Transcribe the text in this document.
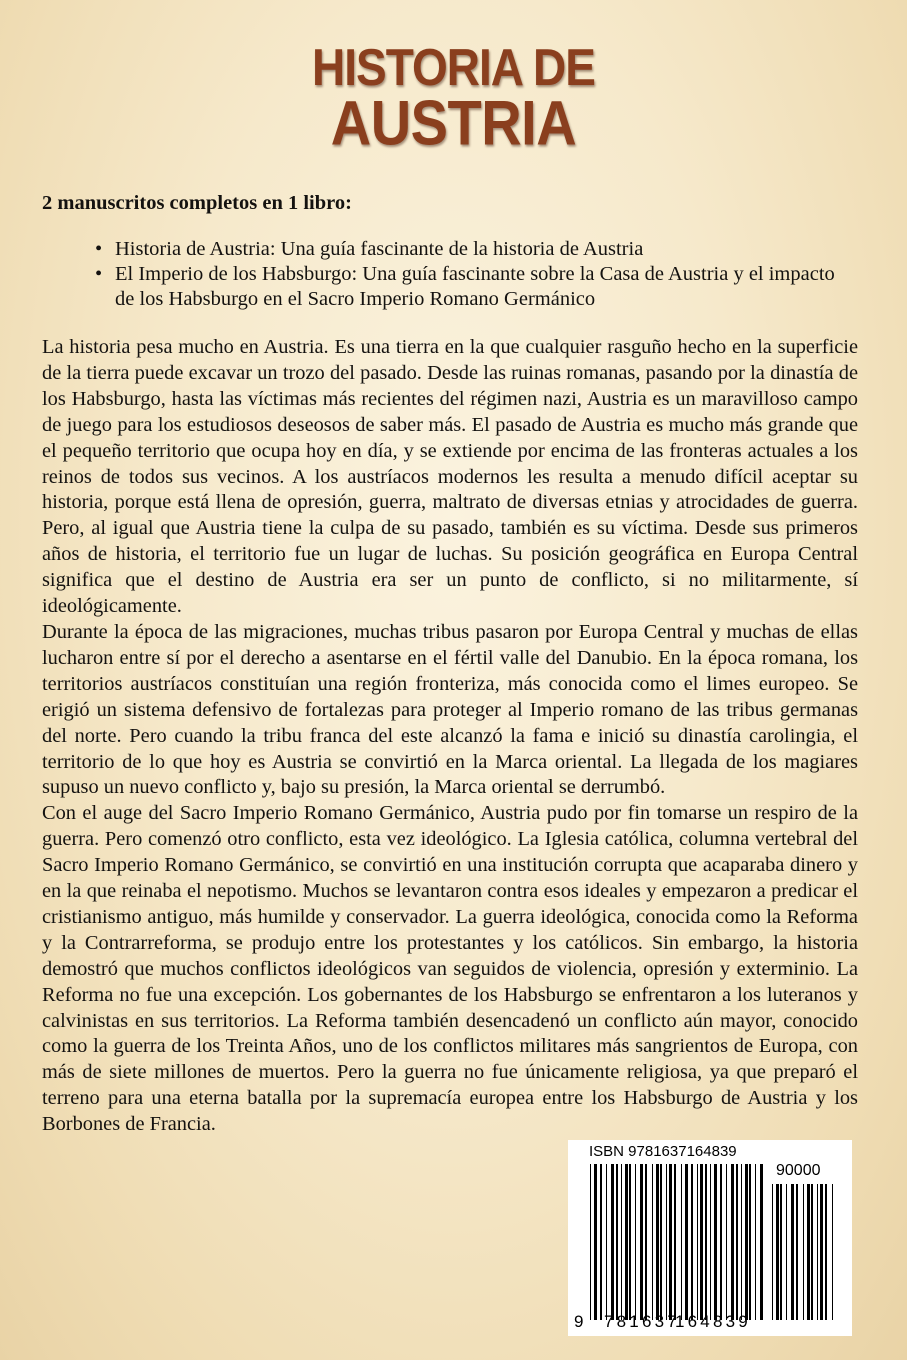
HISTORIA DE
AUSTRIA
2 manuscritos completos en 1 libro:
• Historia de Austria: Una guía fascinante de la historia de Austria
• El Imperio de los Habsburgo: Una guía fascinante sobre la Casa de Austria y el impacto de los Habsburgo en el Sacro Imperio Romano Germánico

La historia pesa mucho en Austria. Es una tierra en la que cualquier rasguño hecho en la superficie de la tierra puede excavar un trozo del pasado. Desde las ruinas romanas, pasando por la dinastía de los Habsburgo, hasta las víctimas más recientes del régimen nazi, Austria es un maravilloso campo de juego para los estudiosos deseosos de saber más. El pasado de Austria es mucho más grande que el pequeño territorio que ocupa hoy en día, y se extiende por encima de las fronteras actuales a los reinos de todos sus vecinos. A los austríacos modernos les resulta a menudo difícil aceptar su historia, porque está llena de opresión, guerra, maltrato de diversas etnias y atrocidades de guerra. Pero, al igual que Austria tiene la culpa de su pasado, también es su víctima. Desde sus primeros años de historia, el territorio fue un lugar de luchas. Su posición geográfica en Europa Central significa que el destino de Austria era ser un punto de conflicto, si no militarmente, sí ideológicamente.

Durante la época de las migraciones, muchas tribus pasaron por Europa Central y muchas de ellas lucharon entre sí por el derecho a asentarse en el fértil valle del Danubio. En la época romana, los territorios austríacos constituían una región fronteriza, más conocida como el limes europeo. Se erigió un sistema defensivo de fortalezas para proteger al Imperio romano de las tribus germanas del norte. Pero cuando la tribu franca del este alcanzó la fama e inició su dinastía carolingia, el territorio de lo que hoy es Austria se convirtió en la Marca oriental. La llegada de los magiares supuso un nuevo conflicto y, bajo su presión, la Marca oriental se derrumbó.

Con el auge del Sacro Imperio Romano Germánico, Austria pudo por fin tomarse un respiro de la guerra. Pero comenzó otro conflicto, esta vez ideológico. La Iglesia católica, columna vertebral del Sacro Imperio Romano Germánico, se convirtió en una institución corrupta que acaparaba dinero y en la que reinaba el nepotismo. Muchos se levantaron contra esos ideales y empezaron a predicar el cristianismo antiguo, más humilde y conservador. La guerra ideológica, conocida como la Reforma y la Contrarreforma, se produjo entre los protestantes y los católicos. Sin embargo, la historia demostró que muchos conflictos ideológicos van seguidos de violencia, opresión y exterminio. La Reforma no fue una excepción. Los gobernantes de los Habsburgo se enfrentaron a los luteranos y calvinistas en sus territorios. La Reforma también desencadenó un conflicto aún mayor, conocido como la guerra de los Treinta Años, uno de los conflictos militares más sangrientos de Europa, con más de siete millones de muertos. Pero la guerra no fue únicamente religiosa, ya que preparó el terreno para una eterna batalla por la supremacía europea entre los Habsburgo de Austria y los Borbones de Francia.

ISBN 9781637164839
90000
9 781637
164839
